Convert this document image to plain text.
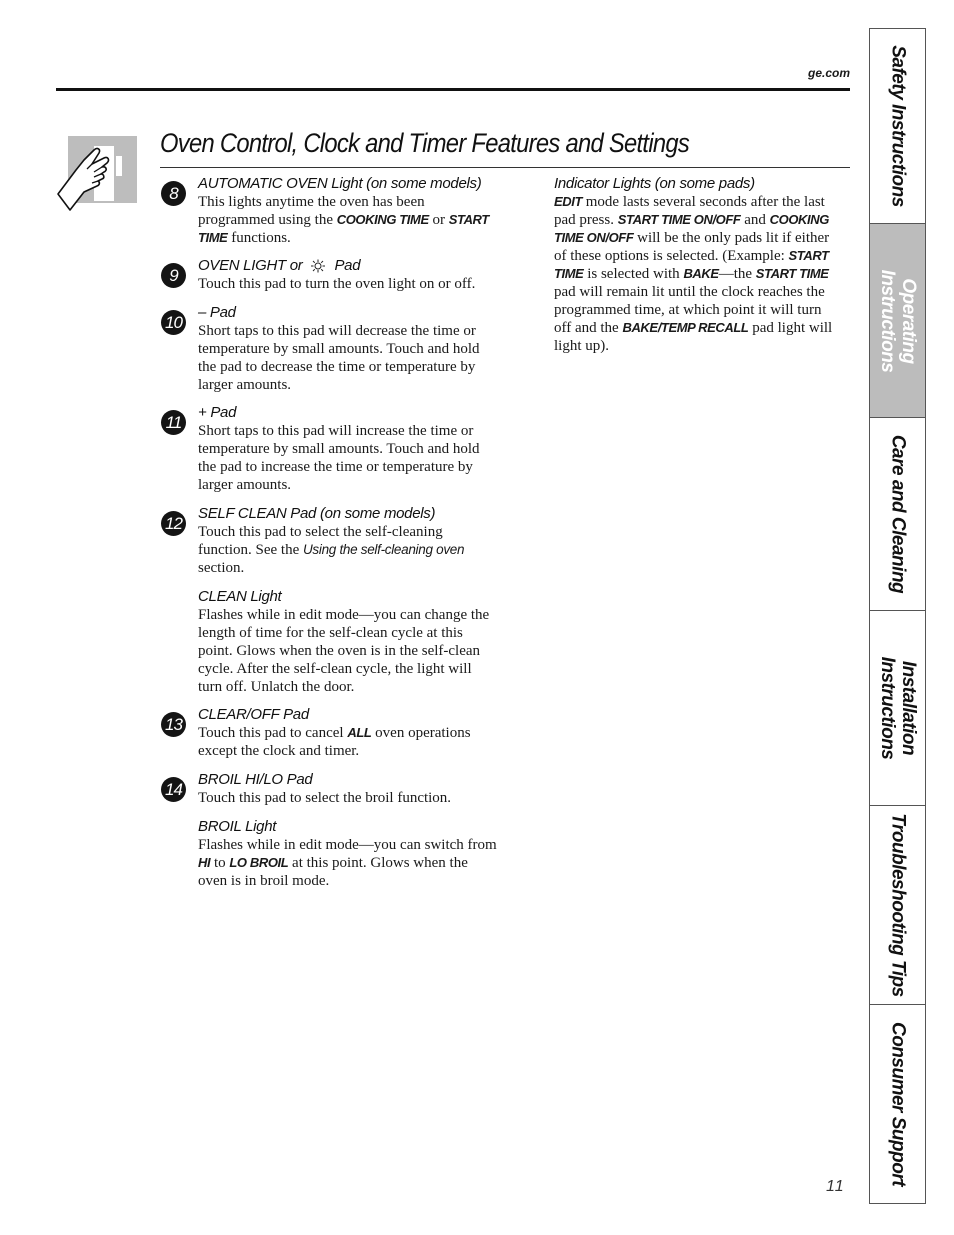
ge.com
Oven Control, Clock and Timer Features and Settings
8
AUTOMATIC OVEN Light (on some models)

This lights anytime the oven has been programmed using the COOKING TIME or START TIME functions.

9
OVEN LIGHT or Pad

Touch this pad to turn the oven light on or off.

10
– Pad

Short taps to this pad will decrease the time or temperature by small amounts. Touch and hold the pad to decrease the time or temperature by larger amounts.

11
+ Pad

Short taps to this pad will increase the time or temperature by small amounts. Touch and hold the pad to increase the time or temperature by larger amounts.

12
SELF CLEAN Pad (on some models)

Touch this pad to select the self-cleaning function. See the Using the self-cleaning oven section.

CLEAN Light

Flashes while in edit mode—you can change the length of time for the self-clean cycle at this point. Glows when the oven is in the self-clean cycle. After the self-clean cycle, the light will turn off. Unlatch the door.

13
CLEAR/OFF Pad

Touch this pad to cancel ALL oven operations except the clock and timer.

14
BROIL HI/LO Pad

Touch this pad to select the broil function.

BROIL Light

Flashes while in edit mode—you can switch from HI to LO BROIL at this point. Glows when the oven is in broil mode.

Indicator Lights (on some pads)

EDIT mode lasts several seconds after the last pad press. START TIME ON/OFF and COOKING TIME ON/OFF will be the only pads lit if either of these options is selected. (Example: START TIME is selected with BAKE—the START TIME pad will remain lit until the clock reaches the programmed time, at which point it will turn off and the BAKE/TEMP RECALL pad light will light up).

Safety Instructions
Operating
Instructions
Care and Cleaning
Installation
Instructions
Troubleshooting Tips
Consumer Support
11
